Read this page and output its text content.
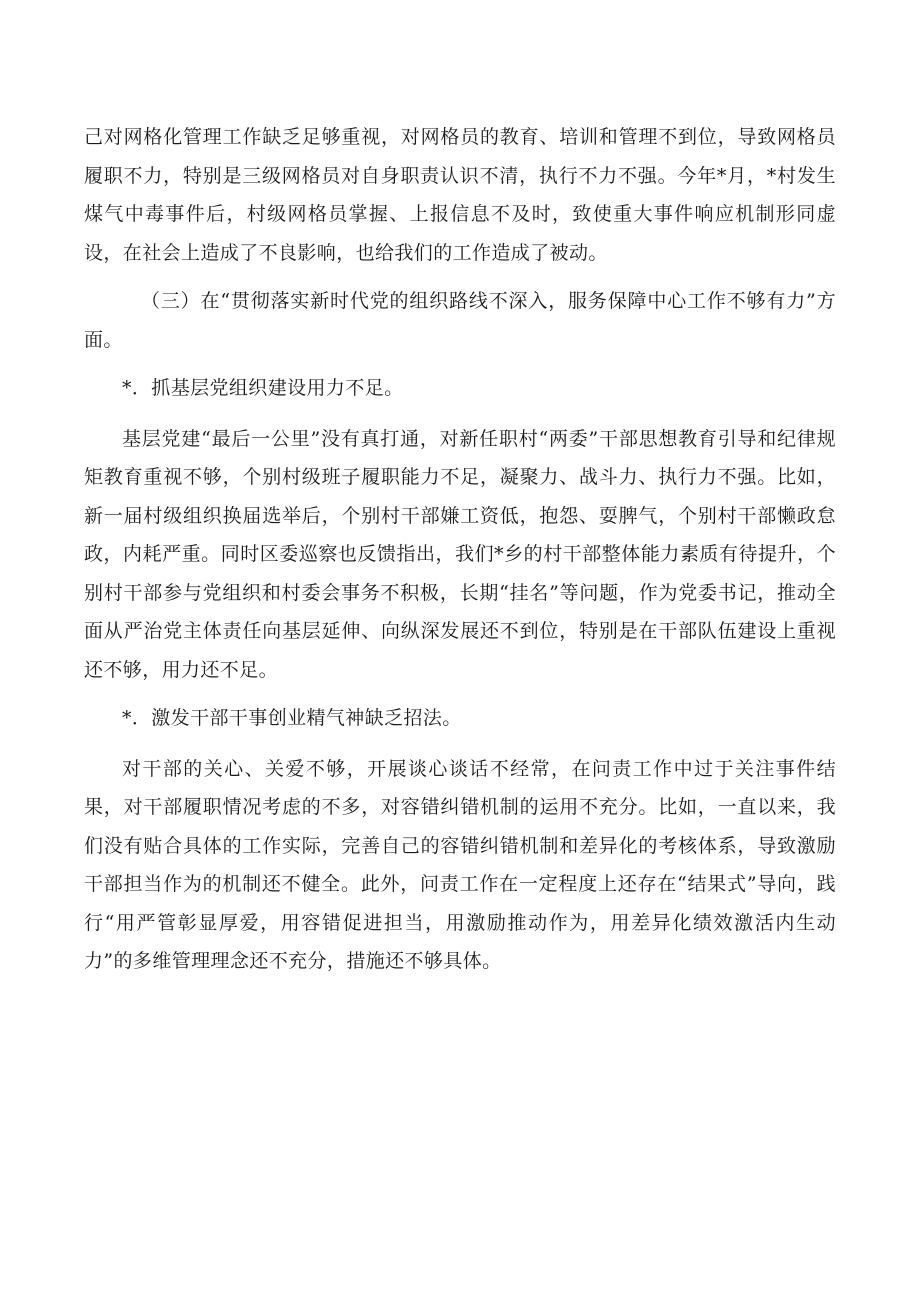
己对网格化管理工作缺乏足够重视，对网格员的教育、培训和管理不到位，导致网格员履职不力，特别是三级网格员对自身职责认识不清，执行不力不强。今年*月，*村发生煤气中毒事件后，村级网格员掌握、上报信息不及时，致使重大事件响应机制形同虚设，在社会上造成了不良影响，也给我们的工作造成了被动。

（三）在“贯彻落实新时代党的组织路线不深入，服务保障中心工作不够有力”方面。

*．抓基层党组织建设用力不足。

基层党建“最后一公里”没有真打通，对新任职村“两委”干部思想教育引导和纪律规矩教育重视不够，个别村级班子履职能力不足，凝聚力、战斗力、执行力不强。比如，新一届村级组织换届选举后，个别村干部嫌工资低，抱怨、耍脾气，个别村干部懒政怠政，内耗严重。同时区委巡察也反馈指出，我们*乡的村干部整体能力素质有待提升，个别村干部参与党组织和村委会事务不积极，长期“挂名”等问题，作为党委书记，推动全面从严治党主体责任向基层延伸、向纵深发展还不到位，特别是在干部队伍建设上重视还不够，用力还不足。

*．激发干部干事创业精气神缺乏招法。

对干部的关心、关爱不够，开展谈心谈话不经常，在问责工作中过于关注事件结果，对干部履职情况考虑的不多，对容错纠错机制的运用不充分。比如，一直以来，我们没有贴合具体的工作实际，完善自己的容错纠错机制和差异化的考核体系，导致激励干部担当作为的机制还不健全。此外，问责工作在一定程度上还存在“结果式”导向，践行“用严管彰显厚爱，用容错促进担当，用激励推动作为，用差异化绩效激活内生动力”的多维管理理念还不充分，措施还不够具体。
